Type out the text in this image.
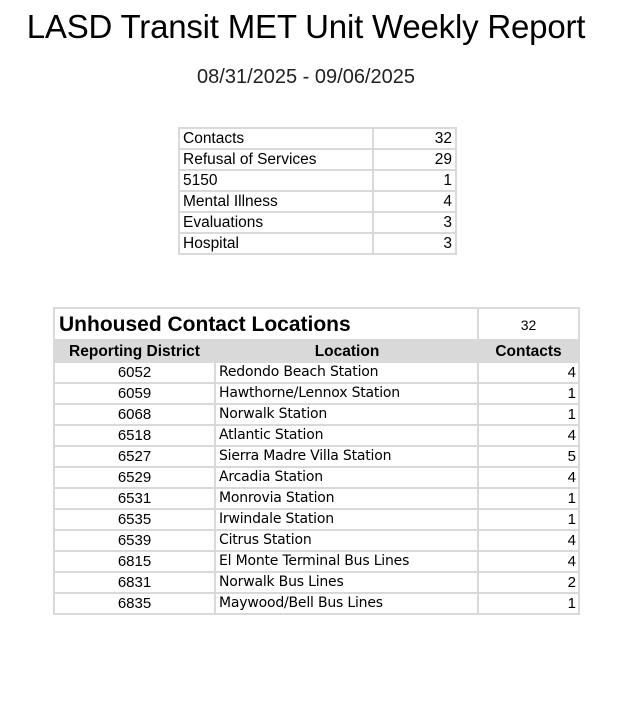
LASD Transit MET Unit Weekly Report
08/31/2025 - 09/06/2025
Contacts	32
Refusal of Services	29
5150	1
Mental Illness	4
Evaluations	3
Hospital	3
Unhoused Contact Locations		32
Reporting District	Location	Contacts
6052	Redondo Beach Station	4
6059	Hawthorne/Lennox Station	1
6068	Norwalk Station	1
6518	Atlantic Station	4
6527	Sierra Madre Villa Station	5
6529	Arcadia Station	4
6531	Monrovia Station	1
6535	Irwindale Station	1
6539	Citrus Station	4
6815	El Monte Terminal Bus Lines	4
6831	Norwalk Bus Lines	2
6835	Maywood/Bell Bus Lines	1
